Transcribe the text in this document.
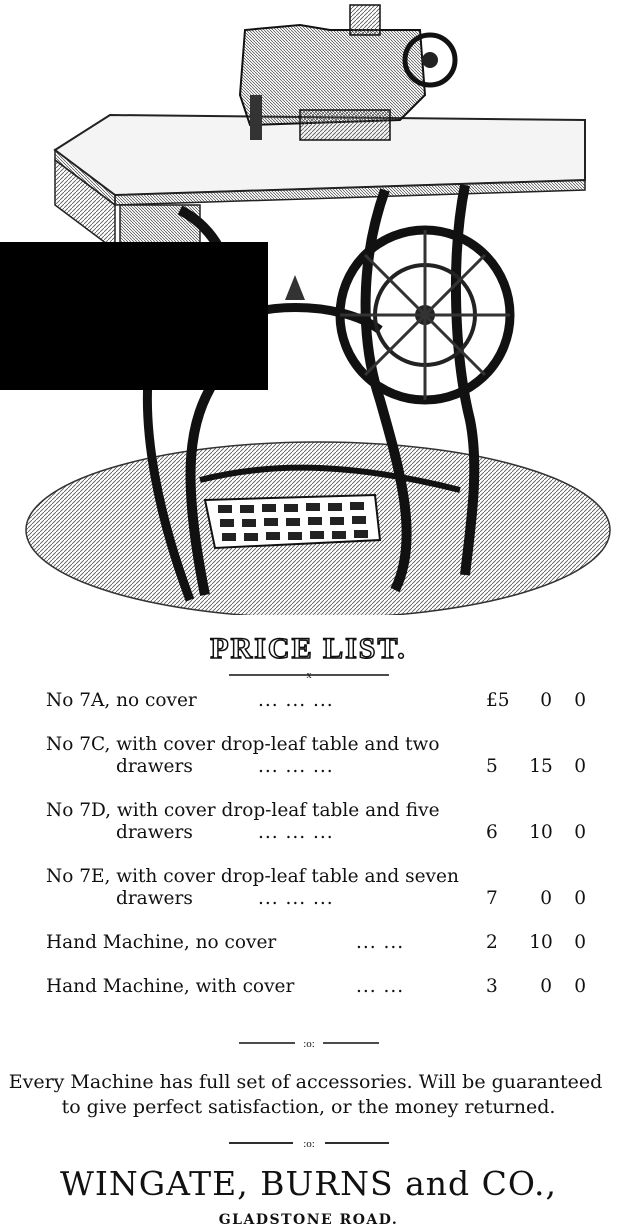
PRICE LIST.
x
No 7A, no cover	... ... ...	£5	0	0
No 7C, with cover drop-leaf table and two
drawers	... ... ...	5	15	0
No 7D, with cover drop-leaf table and five
drawers	... ... ...	6	10	0
No 7E, with cover drop-leaf table and seven
drawers	... ... ...	7	0	0
Hand Machine, no cover	... ...	2	10	0
Hand Machine, with cover	... ...	3	0	0
:o:
Every Machine has full set of accessories. Will be guaranteed
to give perfect satisfaction, or the money returned.
:o:
WINGATE, BURNS and CO.,
GLADSTONE ROAD.
